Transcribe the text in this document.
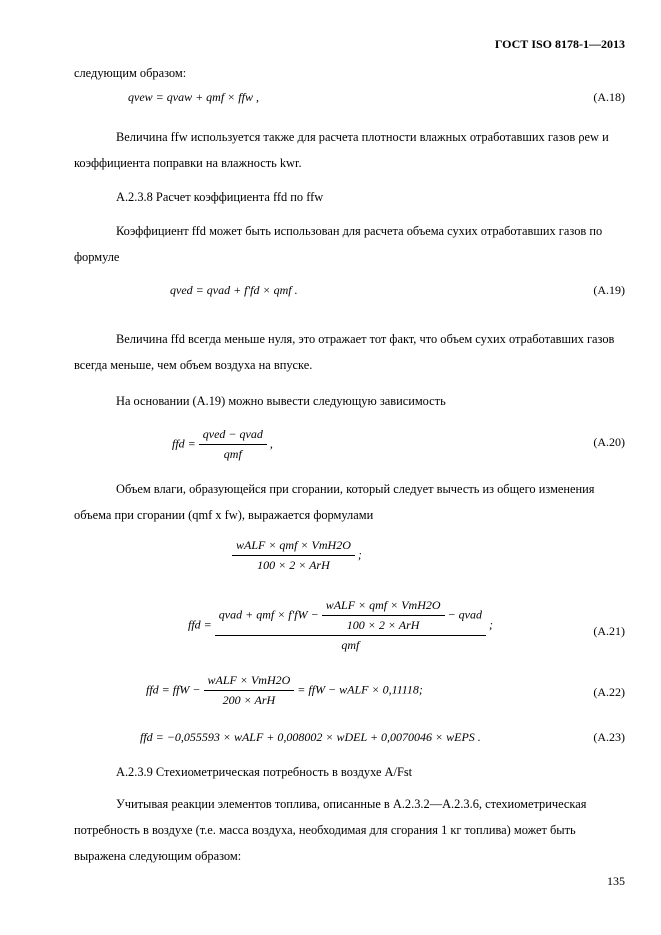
ГОСТ ISO 8178-1—2013
следующим образом:
qvew = qvaw + qmf × ffw ,	(А.18)
Величина ffw используется также для расчета плотности влажных отработавших газов ρew и коэффициента поправки на влажность kwr.
А.2.3.8 Расчет коэффициента ffd по ffw
Коэффициент ffd может быть использован для расчета объема сухих отработавших газов по формуле
qved = qvad + f′fd × qmf .	(А.19)
Величина ffd всегда меньше нуля, это отражает тот факт, что объем сухих отработавших газов всегда меньше, чем объем воздуха на впуске.
На основании (А.19) можно вывести следующую зависимость
ffd = $\frac{\text{qved − qvad}}{\text{qmf}}$ ,	(А.20)
Объем влаги, образующейся при сгорании, который следует вычесть из общего изменения объема при сгорании (qmf x fw), выражается формулами
$\frac{\text{wALF × qmf × VmH2O}}{\text{100 × 2 × ArH}}$ ;
ffd =
qvad + qmf × $f'fW - \frac{\text{wALF × qmf × VmH2O}}{\text{100 × 2 × ArH}}$ − qvad
qmf
;	(А.21)
ffd = ffW − $\frac{\text{wALF × VmH2O}}{\text{200 × ArH}}$ = ffW − wALF × 0,11118;	(А.22)
ffd = −0,055593 × wALF + 0,008002 × wDEL + 0,0070046 × wEPS .	(А.23)
А.2.3.9 Стехиометрическая потребность в воздухе A/Fst
Учитывая реакции элементов топлива, описанные в А.2.3.2—А.2.3.6, стехиометрическая потребность в воздухе (т.е. масса воздуха, необходимая для сгорания 1 кг топлива) может быть выражена следующим образом:
135
